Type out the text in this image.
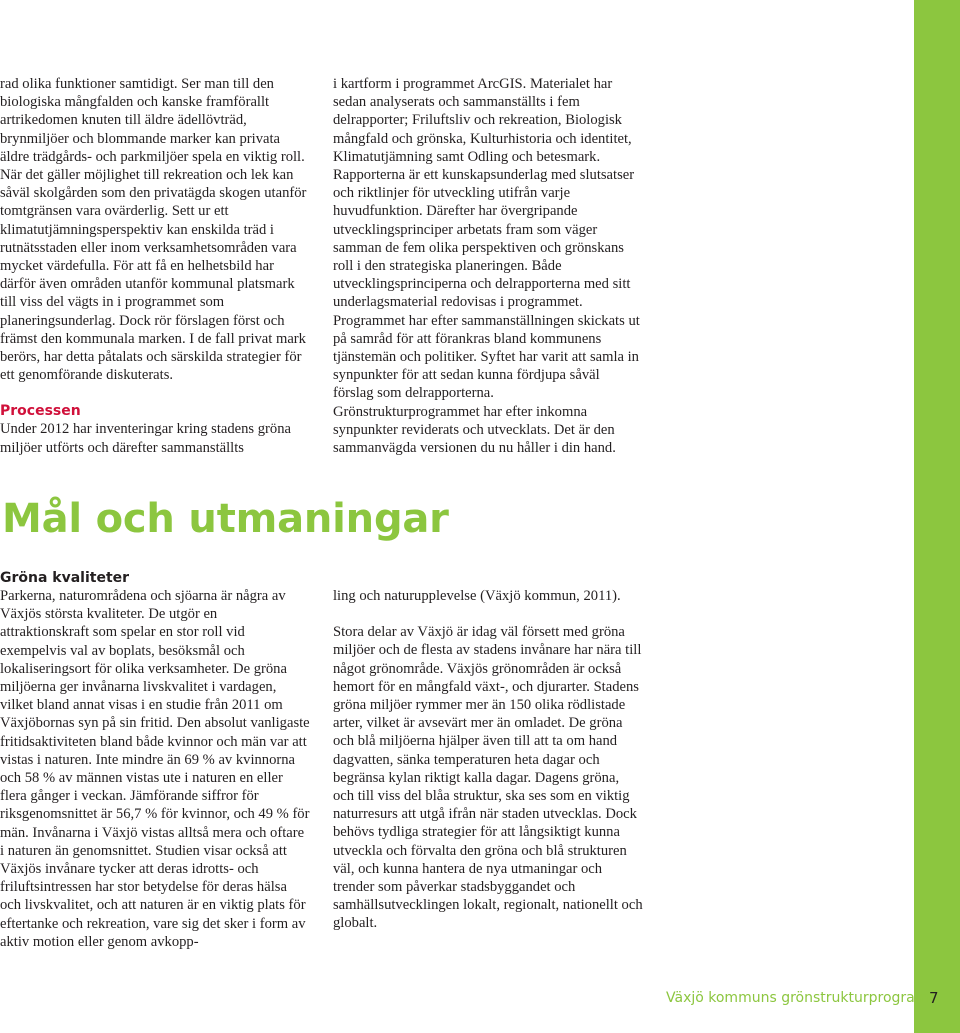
rad olika funktioner samtidigt. Ser man till den biologiska mångfalden och kanske framförallt artrikedomen knuten till äldre ädellövträd, brynmiljöer och blommande marker kan privata äldre trädgårds- och parkmiljöer spela en viktig roll. När det gäller möjlighet till rekreation och lek kan såväl skolgården som den privatägda skogen utanför tomtgränsen vara ovärderlig. Sett ur ett klimatutjämningsperspektiv kan enskilda träd i rutnätsstaden eller inom verksamhetsområden vara mycket värdefulla. För att få en helhetsbild har därför även områden utanför kommunal platsmark till viss del vägts in i programmet som planeringsunderlag. Dock rör förslagen först och främst den kommunala marken. I de fall privat mark berörs, har detta påtalats och särskilda strategier för ett genomförande diskuterats.

Processen

Under 2012 har inventeringar kring stadens gröna miljöer utförts och därefter sammanställts

i kartform i programmet ArcGIS. Materialet har sedan analyserats och sammanställts i fem delrapporter; Friluftsliv och rekreation, Biologisk mångfald och grönska, Kulturhistoria och identitet, Klimatutjämning samt Odling och betesmark. Rapporterna är ett kunskapsunderlag med slutsatser och riktlinjer för utveckling utifrån varje huvudfunktion. Därefter har övergripande utvecklingsprinciper arbetats fram som väger samman de fem olika perspektiven och grönskans roll i den strategiska planeringen. Både utvecklingsprinciperna och delrapporterna med sitt underlagsmaterial redovisas i programmet. Programmet har efter sammanställningen skickats ut på samråd för att förankras bland kommunens tjänstemän och politiker. Syftet har varit att samla in synpunkter för att sedan kunna fördjupa såväl förslag som delrapporterna. Grönstrukturprogrammet har efter inkomna synpunkter reviderats och utvecklats. Det är den sammanvägda versionen du nu håller i din hand.

Mål och utmaningar
Gröna kvaliteter

Parkerna, naturområdena och sjöarna är några av Växjös största kvaliteter. De utgör en attraktionskraft som spelar en stor roll vid exempelvis val av boplats, besöksmål och lokaliseringsort för olika verksamheter. De gröna miljöerna ger invånarna livskvalitet i vardagen, vilket bland annat visas i en studie från 2011 om Växjöbornas syn på sin fritid. Den absolut vanligaste fritidsaktiviteten bland både kvinnor och män var att vistas i naturen. Inte mindre än 69 % av kvinnorna och 58 % av männen vistas ute i naturen en eller flera gånger i veckan. Jämförande siffror för riksgenomsnittet är 56,7 % för kvinnor, och 49 % för män. Invånarna i Växjö vistas alltså mera och oftare i naturen än genomsnittet. Studien visar också att Växjös invånare tycker att deras idrotts- och friluftsintressen har stor betydelse för deras hälsa och livskvalitet, och att naturen är en viktig plats för eftertanke och rekreation, vare sig det sker i form av aktiv motion eller genom avkopp-

ling och naturupplevelse (Växjö kommun, 2011).

Stora delar av Växjö är idag väl försett med gröna miljöer och de flesta av stadens invånare har nära till något grönområde. Växjös grönområden är också hemort för en mångfald växt-, och djurarter. Stadens gröna miljöer rymmer mer än 150 olika rödlistade arter, vilket är avsevärt mer än omladet. De gröna och blå miljöerna hjälper även till att ta om hand dagvatten, sänka temperaturen heta dagar och begränsa kylan riktigt kalla dagar. Dagens gröna, och till viss del blåa struktur, ska ses som en viktig naturresurs att utgå ifrån när staden utvecklas. Dock behövs tydliga strategier för att långsiktigt kunna utveckla och förvalta den gröna och blå strukturen väl, och kunna hantera de nya utmaningar och trender som påverkar stadsbyggandet och samhällsutvecklingen lokalt, regionalt, nationellt och globalt.

Växjö kommuns grönstrukturprogram 7
